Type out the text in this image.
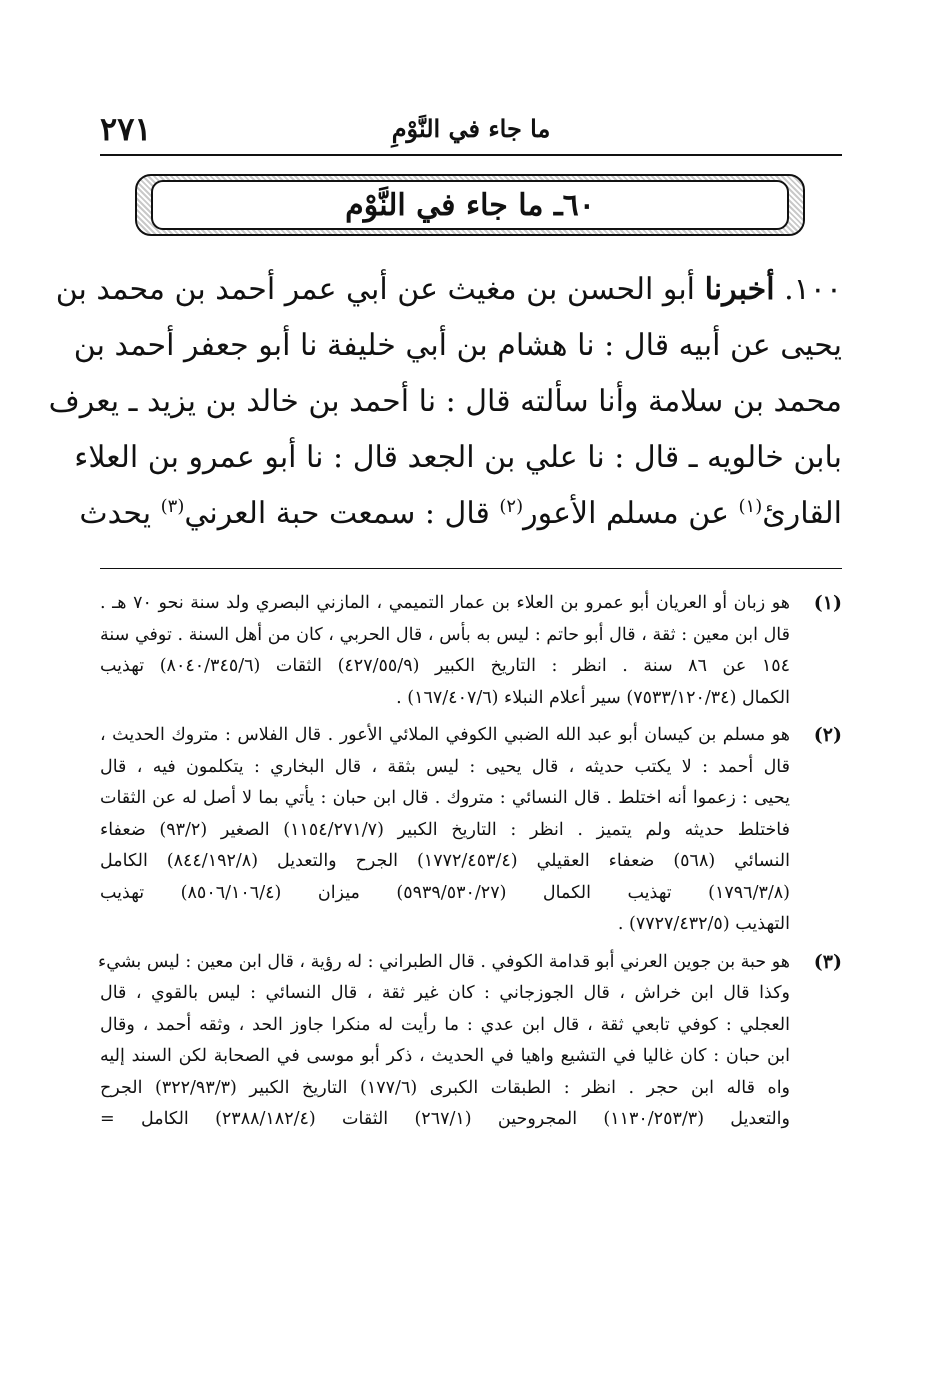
٢٧١	ما جاء في النَّوْمِ
٦٠ـ ما جاء في النَّوْم
١٠٠. أخبرنا أبو الحسن بن مغيث عن أبي عمر أحمد بن محمد بن
يحيى عن أبيه قال : نا هشام بن أبي خليفة نا أبو جعفر أحمد بن
محمد بن سلامة وأنا سألته قال : نا أحمد بن خالد بن يزيد ـ يعرف
بابن خالويه ـ قال : نا علي بن الجعد قال : نا أبو عمرو بن العلاء
القارئ$^{(١)}$ عن مسلم الأعور$^{(٢)}$ قال : سمعت حبة العرني$^{(٣)}$ يحدث
(١)
هو زبان أو العريان أبو عمرو بن العلاء بن عمار التميمي ، المازني البصري ولد سنة نحو ٧٠ هـ .
قال ابن معين : ثقة ، قال أبو حاتم : ليس به بأس ، قال الحربي ، كان من أهل السنة . توفي سنة
١٥٤ عن ٨٦ سنة . انظر : التاريخ الكبير (٤٢٧/٥٥/٩) الثقات (٨٠٤٠/٣٤٥/٦) تهذيب
الكمال (٧٥٣٣/١٢٠/٣٤) سير أعلام النبلاء (١٦٧/٤٠٧/٦) .
(٢)
هو مسلم بن كيسان أبو عبد الله الضبي الكوفي الملائي الأعور . قال الفلاس : متروك الحديث ،
قال أحمد : لا يكتب حديثه ، قال يحيى : ليس بثقة ، قال البخاري : يتكلمون فيه ، قال
يحيى : زعموا أنه اختلط . قال النسائي : متروك . قال ابن حبان : يأتي بما لا أصل له عن الثقات
فاختلط حديثه ولم يتميز . انظر : التاريخ الكبير (١١٥٤/٢٧١/٧) الصغير (٩٣/٢) ضعفاء
النسائي (٥٦٨) ضعفاء العقيلي (١٧٧٢/٤٥٣/٤) الجرح والتعديل (٨٤٤/١٩٢/٨) الكامل
(١٧٩٦/٣/٨) تهذيب الكمال (٥٩٣٩/٥٣٠/٢٧) ميزان (٨٥٠٦/١٠٦/٤) تهذيب
التهذيب (٧٧٢٧/٤٣٢/٥) .
(٣)
هو حبة بن جوين العرني أبو قدامة الكوفي . قال الطبراني : له رؤية ، قال ابن معين : ليس بشيء
وكذا قال ابن خراش ، قال الجوزجاني : كان غير ثقة ، قال النسائي : ليس بالقوي ، قال
العجلي : كوفي تابعي ثقة ، قال ابن عدي : ما رأيت له منكرا جاوز الحد ، وثقه أحمد ، وقال
ابن حبان : كان غاليا في التشيع واهيا في الحديث ، ذكر أبو موسى في الصحابة لكن السند إليه
واه قاله ابن حجر . انظر : الطبقات الكبرى (١٧٧/٦) التاريخ الكبير (٣٢٢/٩٣/٣) الجرح
والتعديل (١١٣٠/٢٥٣/٣) المجروحين (٢٦٧/١) الثقات (٢٣٨٨/١٨٢/٤) الكامل =
